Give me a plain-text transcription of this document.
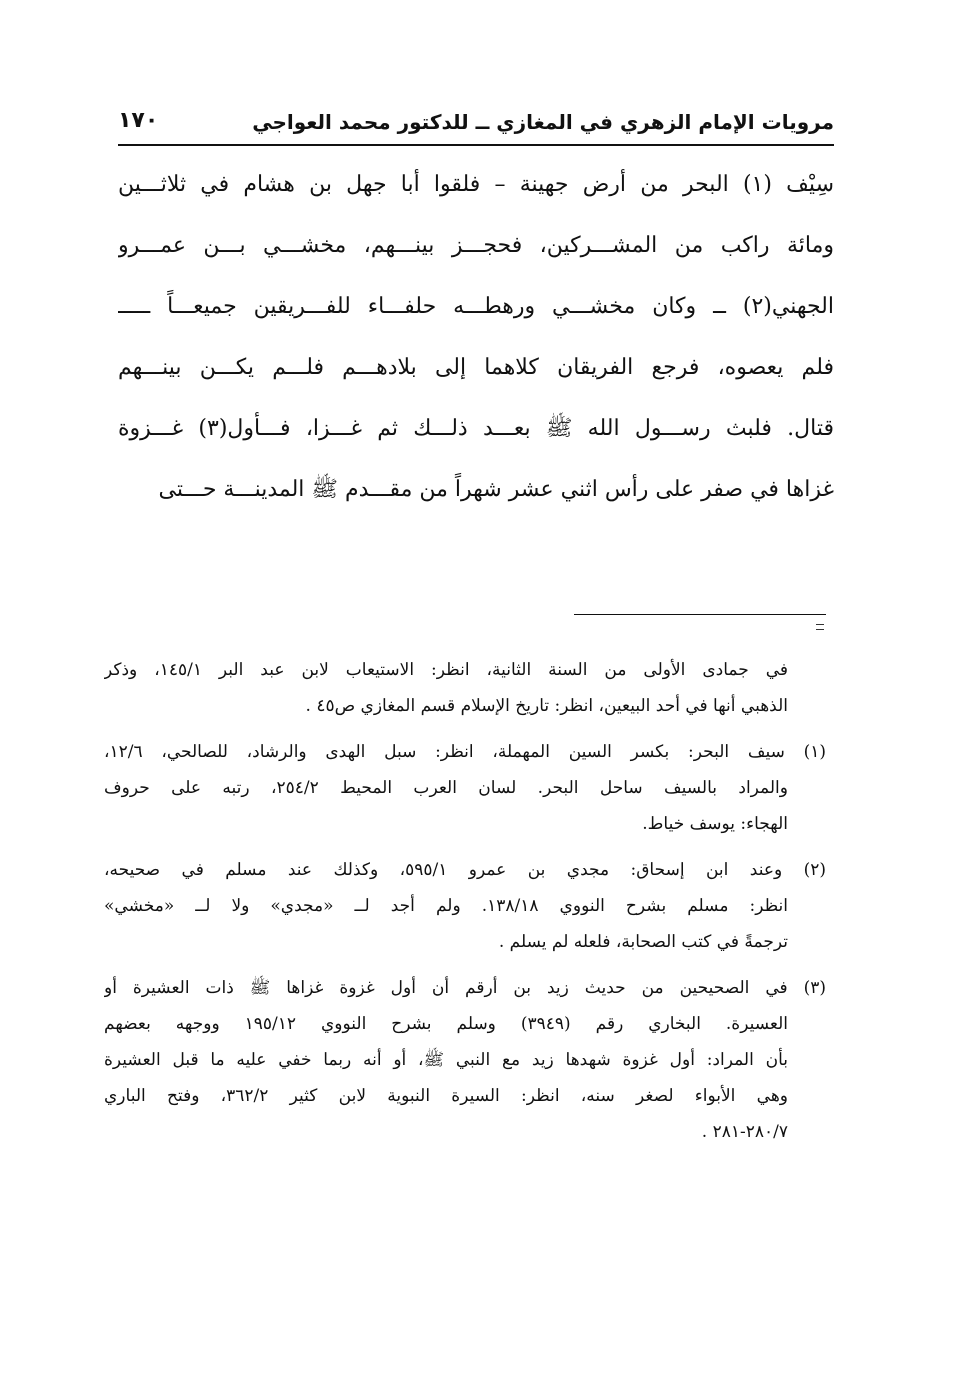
مرويات الإمام الزهري في المغازي ــ للدكتور محمد العواجي
١٧٠
سِيْف (١) البحر من أرض جهينة – فلقوا أبا جهل بن هشام في ثلاثـــين
ومائة راكب من المشـــركين، فحجـــز بينـــهم، مخشـــي بـــن عمـــرو
الجهني(٢) ــ وكان مخشـــي ورهطـــه حلفـــاء للفـــريقين جميعـــاً ـــــ
فلم يعصوه، فرجع الفريقان كلاهما إلى بلادهـــم فلـــم يكـــن بينـــهم
قتال. فلبث رســـول الله ﷺ بعـــد ذلـــك ثم غـــزا، فـــأول(٣) غـــزوة
غزاها في صفر على رأس اثني عشر شهراً من مقـــدم ﷺ المدينـــة حـــتى
في جمادى الأولى من السنة الثانية، انظر: الاستيعاب لابن عبد البر ١٤٥/١، وذكر
الذهبي أنها في أحد البيعين، انظر: تاريخ الإسلام قسم المغازي ص٤٥ .
(١) سيف البحر: بكسر السين المهملة، انظر: سبل الهدى والرشاد، للصالحي، ١٢/٦،
والمراد بالسيف ساحل البحر. لسان العرب المحيط ٢٥٤/٢، رتبه على حروف
الهجاء: يوسف خياط.
(٢) وعند ابن إسحاق: مجدي بن عمرو ٥٩٥/١، وكذلك عند مسلم في صحيحه،
انظر: مسلم بشرح النووي ١٣٨/١٨. ولم أجد لــ «مجدي» ولا لــ «مخشي»
ترجمةً في كتب الصحابة، فلعله لم يسلم .
(٣) في الصحيحين من حديث زيد بن أرقم أن أول غزوة غزاها ﷺ ذات العشيرة أو
العسيرة. البخاري رقم (٣٩٤٩) وسلم بشرح النووي ١٩٥/١٢ ووجهه بعضهم
بأن المراد: أول غزوة شهدها زيد مع النبي ﷺ، أو أنه ربما خفي عليه ما قبل العشيرة
وهي الأبواء لصغر سنه، انظر: السيرة النبوية لابن كثير ٣٦٢/٢، وفتح الباري
٢٨٠/٧-٢٨١ .
